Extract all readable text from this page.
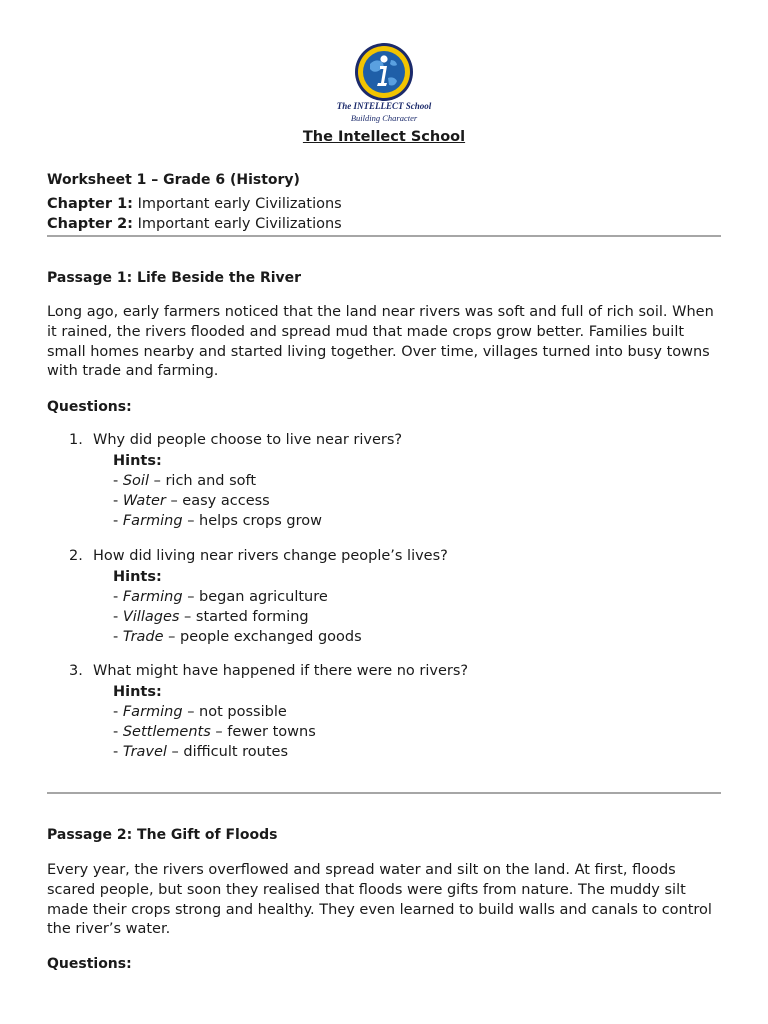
The INTELLECT School
Building Character
The Intellect School
Worksheet 1 – Grade 6 (History)
Chapter 1: Important early Civilizations
Chapter 2: Important early Civilizations
Passage 1: Life Beside the River
Long ago, early farmers noticed that the land near rivers was soft and full of rich soil. When it rained, the rivers flooded and spread mud that made crops grow better. Families built small homes nearby and started living together. Over time, villages turned into busy towns with trade and farming.
Questions:
1. Why did people choose to live near rivers?
Hints:
- Soil – rich and soft
- Water – easy access
- Farming – helps crops grow
2. How did living near rivers change people’s lives?
Hints:
- Farming – began agriculture
- Villages – started forming
- Trade – people exchanged goods
3. What might have happened if there were no rivers?
Hints:
- Farming – not possible
- Settlements – fewer towns
- Travel – difficult routes
Passage 2: The Gift of Floods
Every year, the rivers overflowed and spread water and silt on the land. At first, floods scared people, but soon they realised that floods were gifts from nature. The muddy silt made their crops strong and healthy. They even learned to build walls and canals to control the river’s water.
Questions:
